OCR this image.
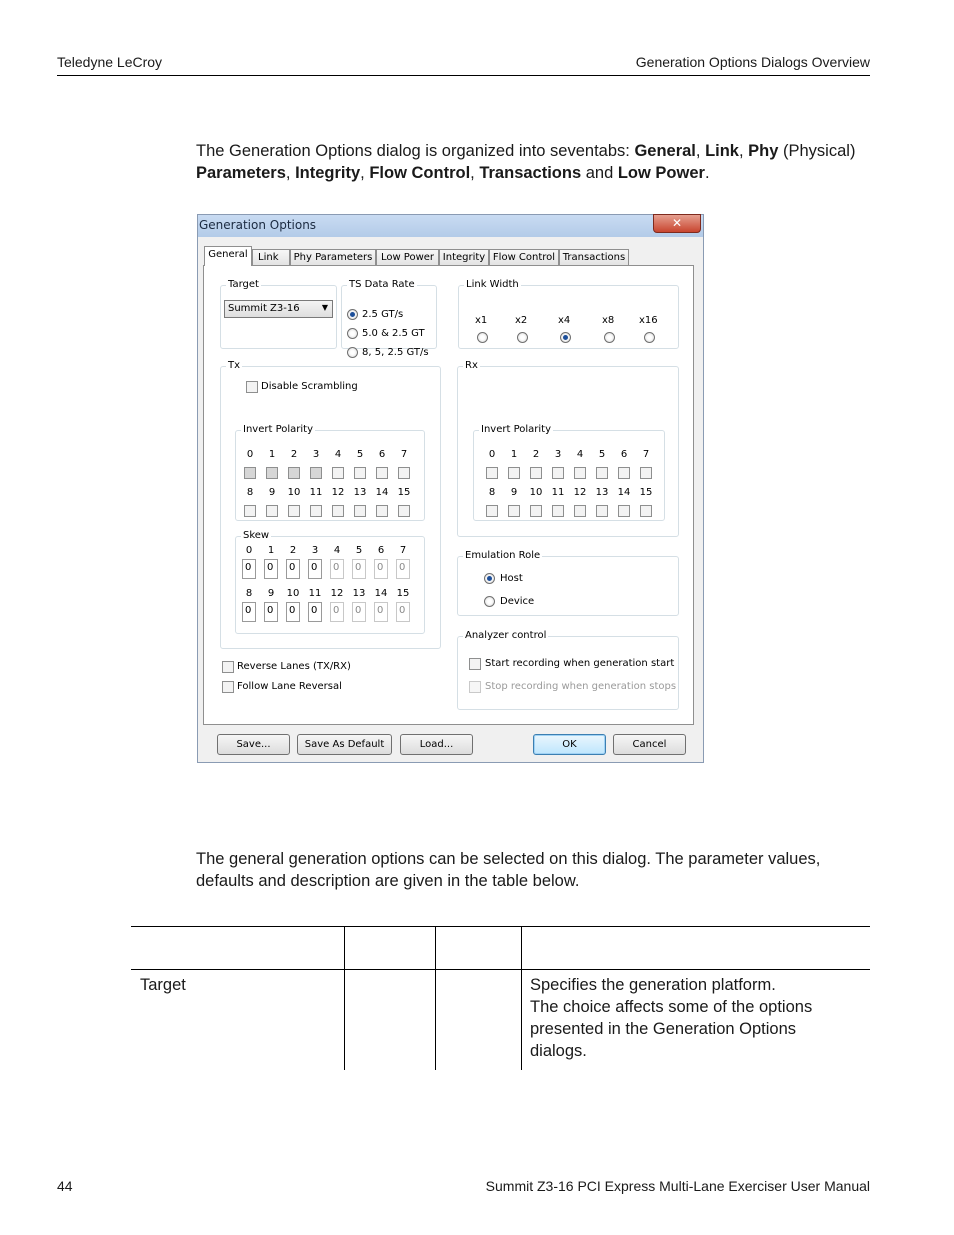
Teledyne LeCroy	Generation Options Dialogs Overview
The Generation Options dialog is organized into seventabs: General, Link, Phy (Physical)
Parameters, Integrity, Flow Control, Transactions and Low Power.
Generation Options	✕
General	Link	Phy Parameters Low Power Integrity Flow Control Transactions
Target
Summit Z3-16	▼
TS Data Rate
2.5 GT/s
5.0 & 2.5 GT
8, 5, 2.5 GT/s
Link Width
x1	x2	x4	x8 x16
Tx
Disable Scrambling
Invert Polarity
Skew
Rx
Invert Polarity
Emulation Role
Host
Device
Analyzer control
Start recording when generation start
Stop recording when generation stops
Reverse Lanes (TX/RX)
Follow Lane Reversal
0	1	2	3	4	5	6	7
8	9	10 11 12 13 14 15
0	1	2	3	4	5	6	7
8	9	10 11 12 13 14 15
0
0
1
0
2
0
3
0
4
0
5
0
6
0
7
0
8
0
9
0
10
0
11
0
12
0
13
0
14
0
15
0
Save...	Save As Default	Load...	OK	Cancel
The general generation options can be selected on this dialog. The parameter values,
defaults and description are given in the table below.
Target	Specifies the generation platform.
The choice affects some of the options
presented in the Generation Options
dialogs.
44	Summit Z3-16 PCI Express Multi-Lane Exerciser User Manual
